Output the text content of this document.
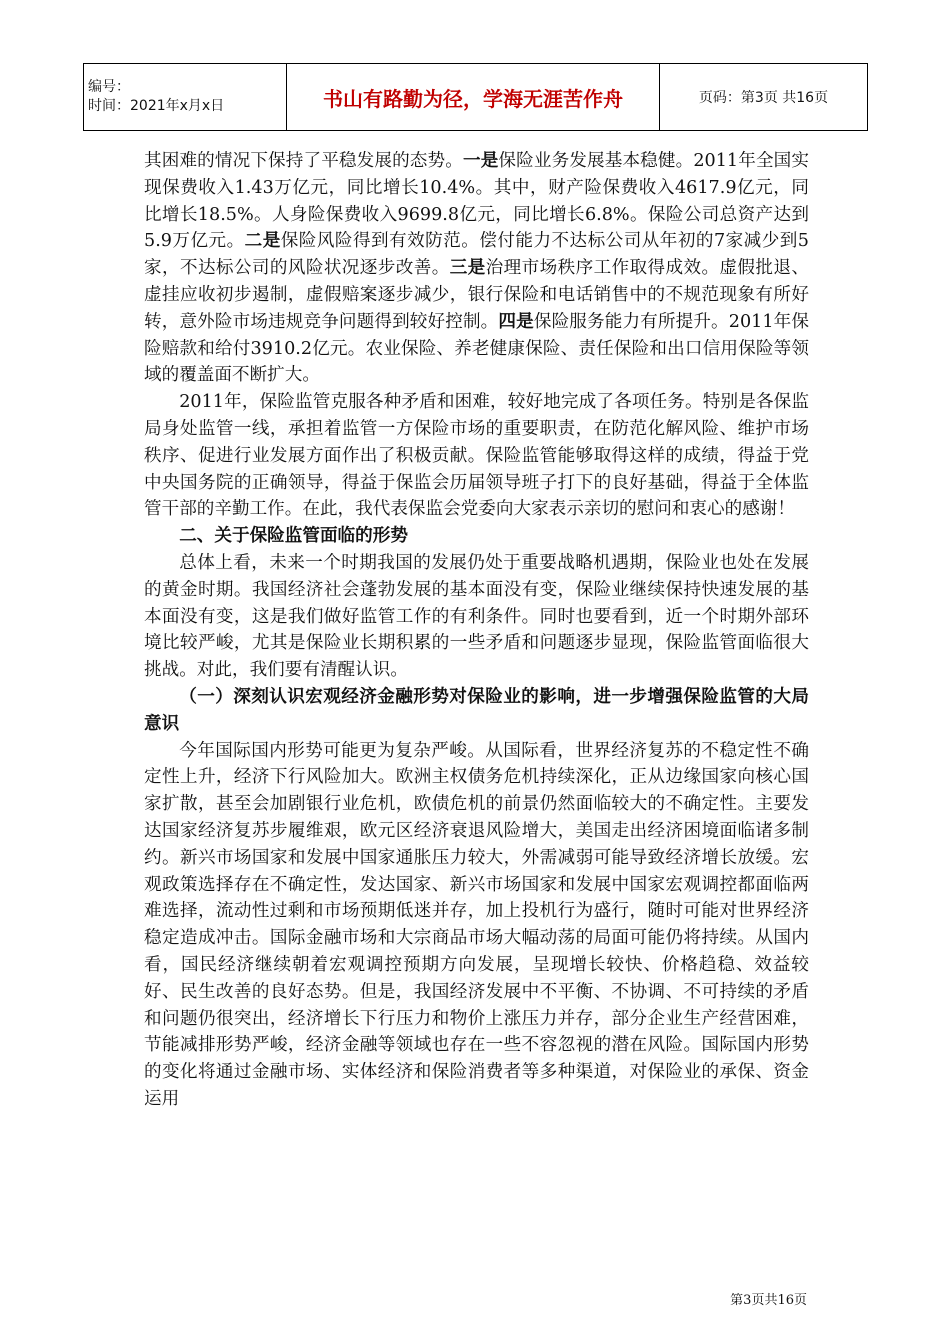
编号：
时间：2021年x月x日	书山有路勤为径，学海无涯苦作舟	页码：第3页 共16页

其困难的情况下保持了平稳发展的态势。一是保险业务发展基本稳健。2011年全国实现保费收入1.43万亿元，同比增长10.4%。其中，财产险保费收入4617.9亿元，同比增长18.5%。人身险保费收入9699.8亿元，同比增长6.8%。保险公司总资产达到5.9万亿元。二是保险风险得到有效防范。偿付能力不达标公司从年初的7家减少到5家，不达标公司的风险状况逐步改善。三是治理市场秩序工作取得成效。虚假批退、虚挂应收初步遏制，虚假赔案逐步减少，银行保险和电话销售中的不规范现象有所好转，意外险市场违规竞争问题得到较好控制。四是保险服务能力有所提升。2011年保险赔款和给付3910.2亿元。农业保险、养老健康保险、责任保险和出口信用保险等领域的覆盖面不断扩大。

2011年，保险监管克服各种矛盾和困难，较好地完成了各项任务。特别是各保监局身处监管一线，承担着监管一方保险市场的重要职责，在防范化解风险、维护市场秩序、促进行业发展方面作出了积极贡献。保险监管能够取得这样的成绩，得益于党中央国务院的正确领导，得益于保监会历届领导班子打下的良好基础，得益于全体监管干部的辛勤工作。在此，我代表保监会党委向大家表示亲切的慰问和衷心的感谢！

二、关于保险监管面临的形势

总体上看，未来一个时期我国的发展仍处于重要战略机遇期，保险业也处在发展的黄金时期。我国经济社会蓬勃发展的基本面没有变，保险业继续保持快速发展的基本面没有变，这是我们做好监管工作的有利条件。同时也要看到，近一个时期外部环境比较严峻，尤其是保险业长期积累的一些矛盾和问题逐步显现，保险监管面临很大挑战。对此，我们要有清醒认识。

（一）深刻认识宏观经济金融形势对保险业的影响，进一步增强保险监管的大局意识

今年国际国内形势可能更为复杂严峻。从国际看，世界经济复苏的不稳定性不确定性上升，经济下行风险加大。欧洲主权债务危机持续深化，正从边缘国家向核心国家扩散，甚至会加剧银行业危机，欧债危机的前景仍然面临较大的不确定性。主要发达国家经济复苏步履维艰，欧元区经济衰退风险增大，美国走出经济困境面临诸多制约。新兴市场国家和发展中国家通胀压力较大，外需减弱可能导致经济增长放缓。宏观政策选择存在不确定性，发达国家、新兴市场国家和发展中国家宏观调控都面临两难选择，流动性过剩和市场预期低迷并存，加上投机行为盛行，随时可能对世界经济稳定造成冲击。国际金融市场和大宗商品市场大幅动荡的局面可能仍将持续。从国内看，国民经济继续朝着宏观调控预期方向发展，呈现增长较快、价格趋稳、效益较好、民生改善的良好态势。但是，我国经济发展中不平衡、不协调、不可持续的矛盾和问题仍很突出，经济增长下行压力和物价上涨压力并存，部分企业生产经营困难，节能减排形势严峻，经济金融等领域也存在一些不容忽视的潜在风险。国际国内形势的变化将通过金融市场、实体经济和保险消费者等多种渠道，对保险业的承保、资金运用

第3页共16页
